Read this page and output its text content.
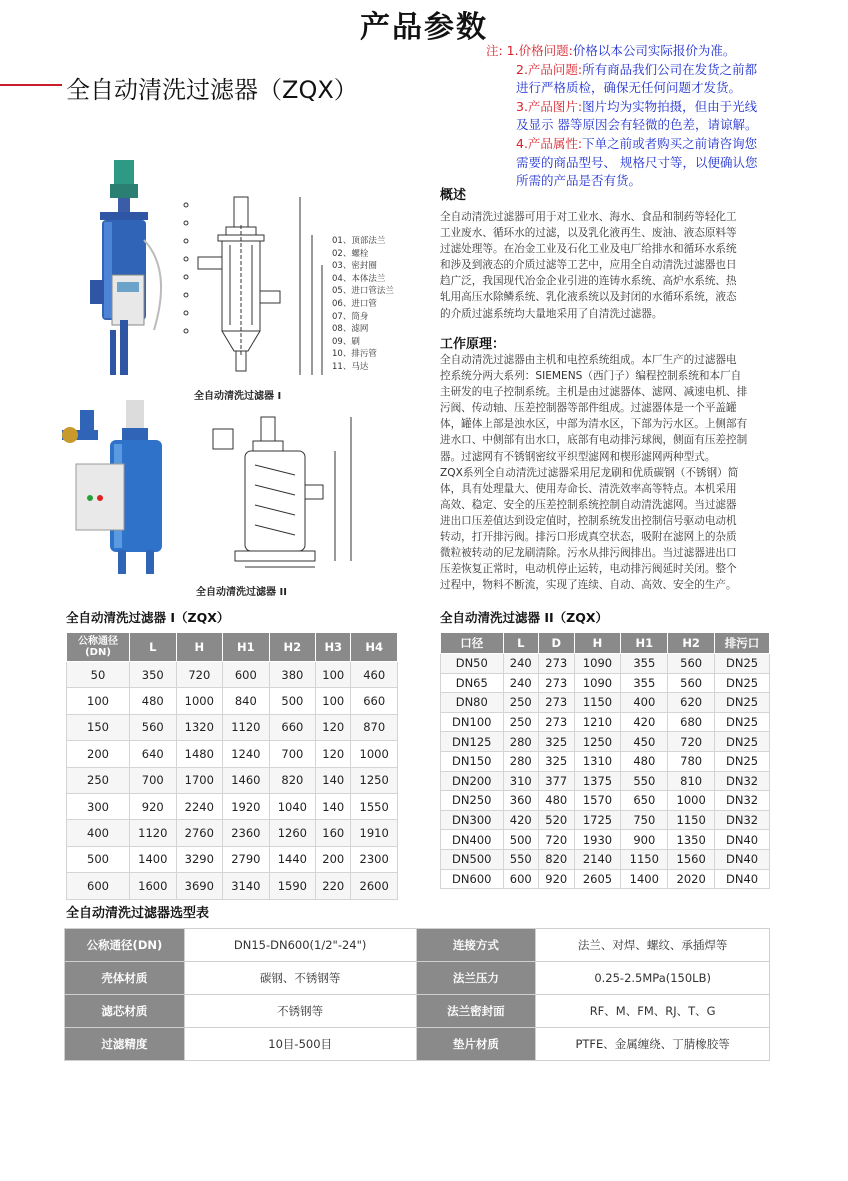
产品参数
全自动清洗过滤器（ZQX）
注: 1.价格问题:价格以本公司实际报价为准。
2.产品问题:所有商品我们公司在发货之前都
进行严格质检，确保无任何问题才发货。
3.产品图片:图片均为实物拍摄，但由于光线
及显示 器等原因会有轻微的色差，请谅解。
4.产品属性:下单之前或者购买之前请咨询您
需要的商品型号、 规格尺寸等，以便确认您
所需的产品是否有货。
01、顶部法兰
02、螺栓
03、密封圈
04、本体法兰
05、进口管法兰
06、进口管
07、筒身
08、滤网
09、刷
10、排污管
11、马达
全自动清洗过滤器 I
全自动清洗过滤器 II
概述
全自动清洗过滤器可用于对工业水、海水、食品和制药等轻化工
工业废水、循环水的过滤，以及乳化液再生、废油、液态原料等
过滤处理等。在冶金工业及石化工业及电厂给排水和循环水系统
和涉及到液态的介质过滤等工艺中，应用全自动清洗过滤器也日
趋广泛，我国现代冶金企业引进的连铸水系统、高炉水系统、热
轧用高压水除鳞系统、乳化液系统以及封闭的水循环系统，液态
的介质过滤系统均大量地采用了自清洗过滤器。
工作原理：
全自动清洗过滤器由主机和电控系统组成。本厂生产的过滤器电
控系统分两大系列：SIEMENS（西门子）编程控制系统和本厂自
主研发的电子控制系统。主机是由过滤器体、滤网、减速电机、排
污阀、传动轴、压差控制器等部件组成。过滤器体是一个平盖罐
体，罐体上部是浊水区，中部为清水区，下部为污水区。上侧部有
进水口、中侧部有出水口，底部有电动排污球阀，侧面有压差控制
器。过滤网有不锈钢密纹平织型滤网和楔形滤网两种型式。
ZQX系列全自动清洗过滤器采用尼龙刷和优质碳钢（不锈钢）简
体，具有处理量大、使用寿命长、清洗效率高等特点。本机采用
高效、稳定、安全的压差控制系统控制自动清洗滤网。当过滤器
进出口压差值达到设定值时，控制系统发出控制信号驱动电动机
转动，打开排污阀。排污口形成真空状态，吸附在滤网上的杂质
微粒被转动的尼龙刷清除。污水从排污阀排出。当过滤器进出口
压差恢复正常时，电动机停止运转，电动排污阀延时关闭。整个
过程中，物料不断流，实现了连续、自动、高效、安全的生产。
全自动清洗过滤器 I（ZQX）	全自动清洗过滤器 II（ZQX）
公称通径
(DN)	L	H	H1	H2	H3	H4
50	350	720	600	380	100	460
100	480	1000	840	500	100	660
150	560	1320	1120	660	120	870
200	640	1480	1240	700	120	1000
250	700	1700	1460	820	140	1250
300	920	2240	1920	1040	140	1550
400	1120	2760	2360	1260	160	1910
500	1400	3290	2790	1440	200	2300
600	1600	3690	3140	1590	220	2600
口径	L	D	H	H1	H2	排污口
DN50	240	273	1090	355	560	DN25
DN65	240	273	1090	355	560	DN25
DN80	250	273	1150	400	620	DN25
DN100	250	273	1210	420	680	DN25
DN125	280	325	1250	450	720	DN25
DN150	280	325	1310	480	780	DN25
DN200	310	377	1375	550	810	DN32
DN250	360	480	1570	650	1000	DN32
DN300	420	520	1725	750	1150	DN32
DN400	500	720	1930	900	1350	DN40
DN500	550	820	2140	1150	1560	DN40
DN600	600	920	2605	1400	2020	DN40
全自动清洗过滤器选型表
公称通径(DN)	DN15-DN600(1/2"-24")	连接方式	法兰、对焊、螺纹、承插焊等
壳体材质	碳钢、不锈钢等	法兰压力	0.25-2.5MPa(150LB)
滤芯材质	不锈钢等	法兰密封面	RF、M、FM、RJ、T、G
过滤精度	10目-500目	垫片材质	PTFE、金属缠绕、丁腈橡胶等
